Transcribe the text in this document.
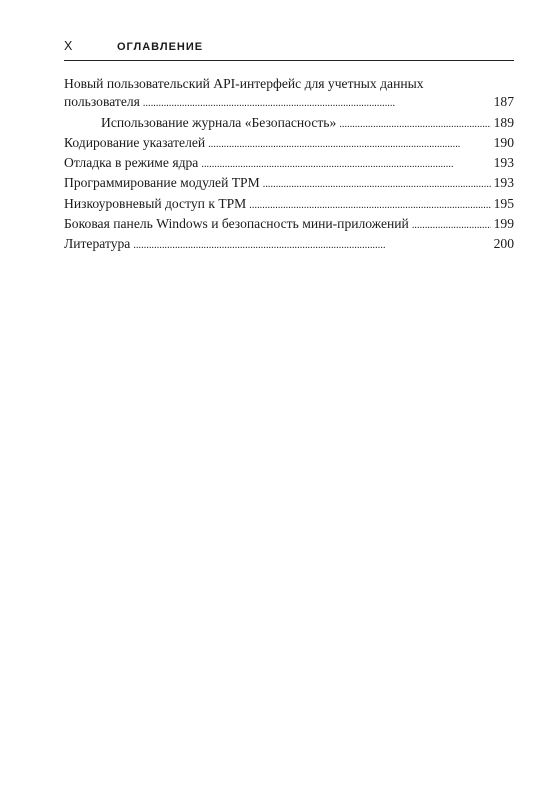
X	ОГЛАВЛЕНИЕ
Новый пользовательский API-интерфейс для учетных данных
пользователя . . .	187
Использование журнала «Безопасность» . . .	189
Кодирование указателей . . .	190
Отладка в режиме ядра . . .	193
Программирование модулей TPM . . .	193
Низкоуровневый доступ к TPM . . .	195
Боковая панель Windows и безопасность мини-приложений . . .	199
Литература . . .	200
